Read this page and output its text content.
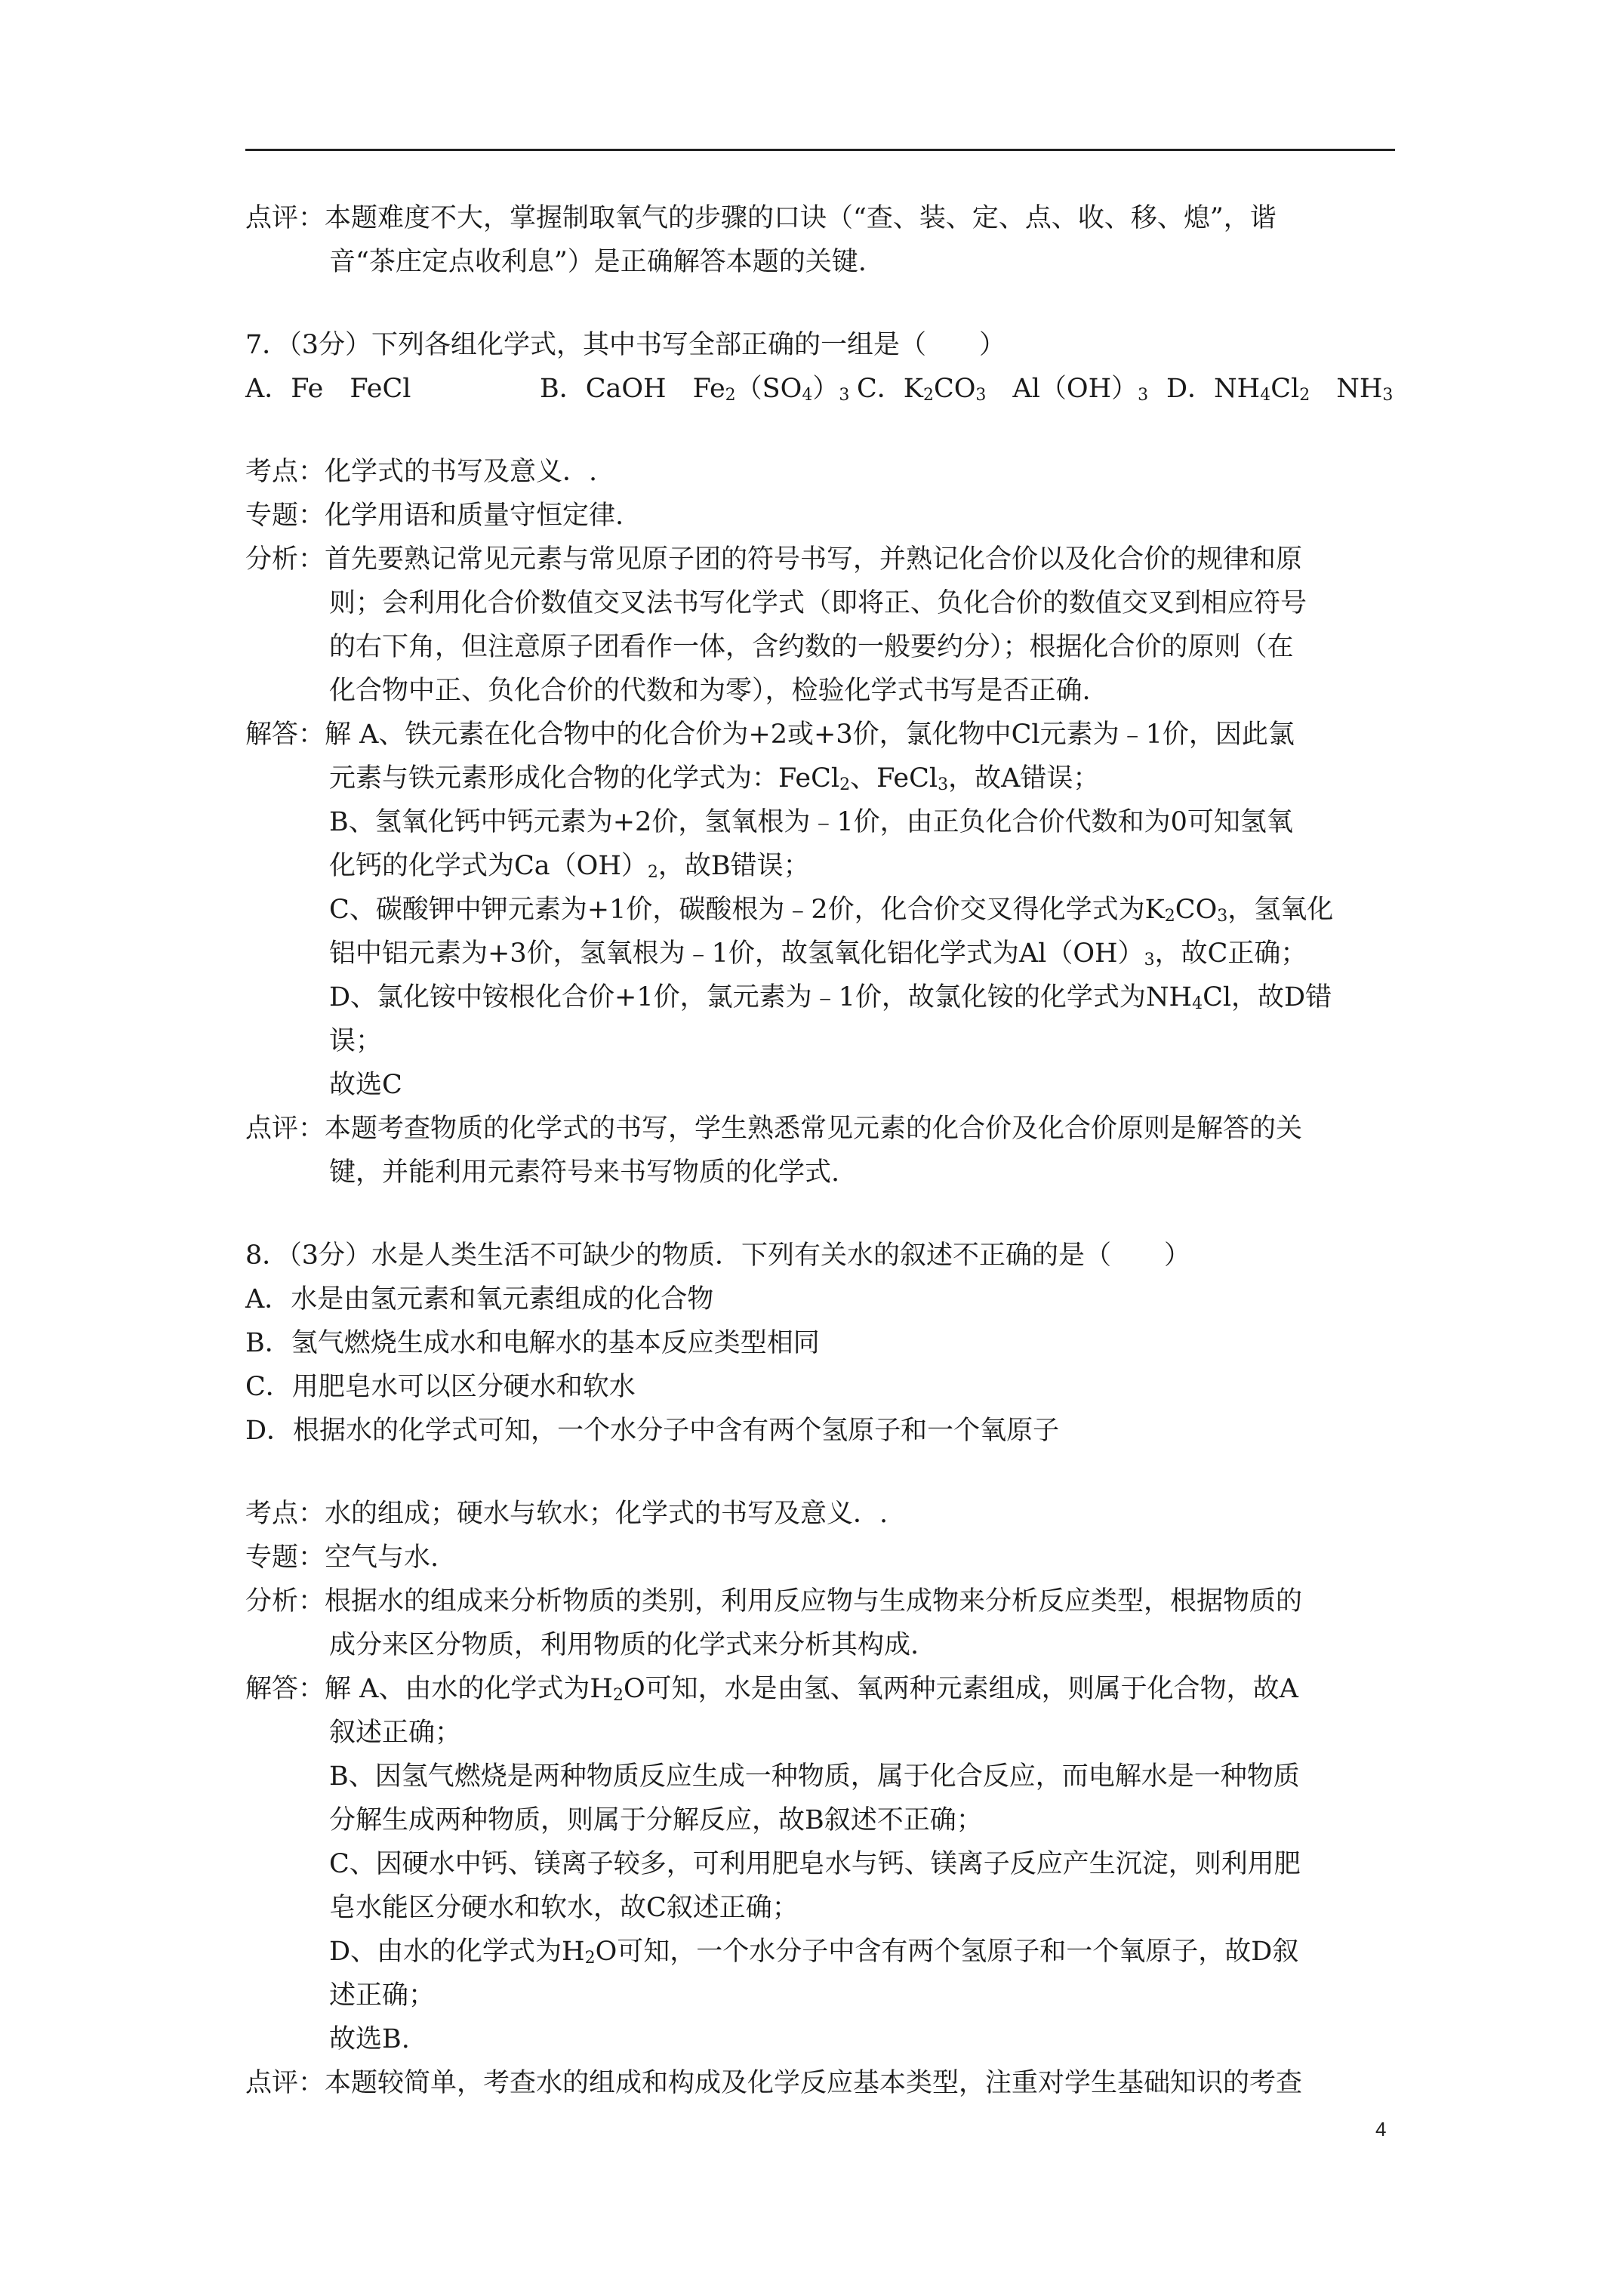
点评：本题难度不大，掌握制取氧气的步骤的口诀（“查、装、定、点、收、移、熄”，谐
音“茶庄定点收利息”）是正确解答本题的关键.
7．（3分）下列各组化学式，其中书写全部正确的一组是（　　）
A．Fe　FeCl	B．CaOH　$Fe_2(SO_4)_3$ C．$K_2CO_3$　$Al(OH)_3$ D．$NH_4Cl_2$　$NH_3$
考点：化学式的书写及意义．.
专题：化学用语和质量守恒定律.
分析：首先要熟记常见元素与常见原子团的符号书写，并熟记化合价以及化合价的规律和原
则；会利用化合价数值交叉法书写化学式（即将正、负化合价的数值交叉到相应符号
的右下角，但注意原子团看作一体，含约数的一般要约分）；根据化合价的原则（在
化合物中正、负化合价的代数和为零），检验化学式书写是否正确.
解答：解 A、铁元素在化合物中的化合价为+2或+3价，氯化物中Cl元素为﹣1价，因此氯
元素与铁元素形成化合物的化学式为：FeCl$_2$、FeCl$_3$，故A错误；
B、氢氧化钙中钙元素为+2价，氢氧根为﹣1价，由正负化合价代数和为0可知氢氧
化钙的化学式为$Ca(OH)_2$，故B错误；
C、碳酸钾中钾元素为+1价，碳酸根为﹣2价，化合价交叉得化学式为$K_2CO_3$，氢氧化
铝中铝元素为+3价，氢氧根为﹣1价，故氢氧化铝化学式为$Al(OH)_3$，故C正确；
D、氯化铵中铵根化合价+1价，氯元素为﹣1价，故氯化铵的化学式为$NH_4Cl$，故D错
误；
故选C
点评：本题考查物质的化学式的书写，学生熟悉常见元素的化合价及化合价原则是解答的关
键，并能利用元素符号来书写物质的化学式.
8．（3分）水是人类生活不可缺少的物质．下列有关水的叙述不正确的是（　　）
A．水是由氢元素和氧元素组成的化合物
B．氢气燃烧生成水和电解水的基本反应类型相同
C．用肥皂水可以区分硬水和软水
D．根据水的化学式可知，一个水分子中含有两个氢原子和一个氧原子
考点：水的组成；硬水与软水；化学式的书写及意义．.
专题：空气与水.
分析：根据水的组成来分析物质的类别，利用反应物与生成物来分析反应类型，根据物质的
成分来区分物质，利用物质的化学式来分析其构成.
解答：解 A、由水的化学式为$H_2O$可知，水是由氢、氧两种元素组成，则属于化合物，故A
叙述正确；
B、因氢气燃烧是两种物质反应生成一种物质，属于化合反应，而电解水是一种物质
分解生成两种物质，则属于分解反应，故B叙述不正确；
C、因硬水中钙、镁离子较多，可利用肥皂水与钙、镁离子反应产生沉淀，则利用肥
皂水能区分硬水和软水，故C叙述正确；
D、由水的化学式为$H_2O$可知，一个水分子中含有两个氢原子和一个氧原子，故D叙
述正确；
故选B.
点评：本题较简单，考查水的组成和构成及化学反应基本类型，注重对学生基础知识的考查
4
